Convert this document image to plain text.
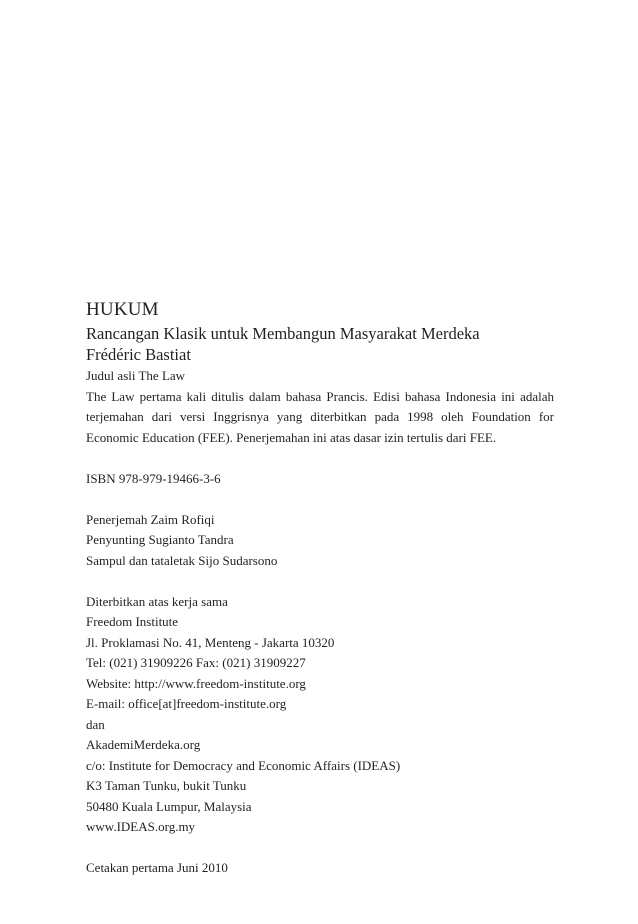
HUKUM
Rancangan Klasik untuk Membangun Masyarakat Merdeka
Frédéric Bastiat
Judul asli The Law
The Law pertama kali ditulis dalam bahasa Prancis. Edisi bahasa Indonesia ini adalah
terjemahan dari versi Inggrisnya yang diterbitkan pada 1998 oleh Foundation for
Economic Education (FEE). Penerjemahan ini atas dasar izin tertulis dari FEE.
ISBN 978-979-19466-3-6
Penerjemah Zaim Rofiqi
Penyunting Sugianto Tandra
Sampul dan tataletak Sijo Sudarsono
Diterbitkan atas kerja sama
Freedom Institute
Jl. Proklamasi No. 41, Menteng - Jakarta 10320
Tel: (021) 31909226 Fax: (021) 31909227
Website: http://www.freedom-institute.org
E-mail: office[at]freedom-institute.org
dan
AkademiMerdeka.org
c/o: Institute for Democracy and Economic Affairs (IDEAS)
K3 Taman Tunku, bukit Tunku
50480 Kuala Lumpur, Malaysia
www.IDEAS.org.my
Cetakan pertama Juni 2010
